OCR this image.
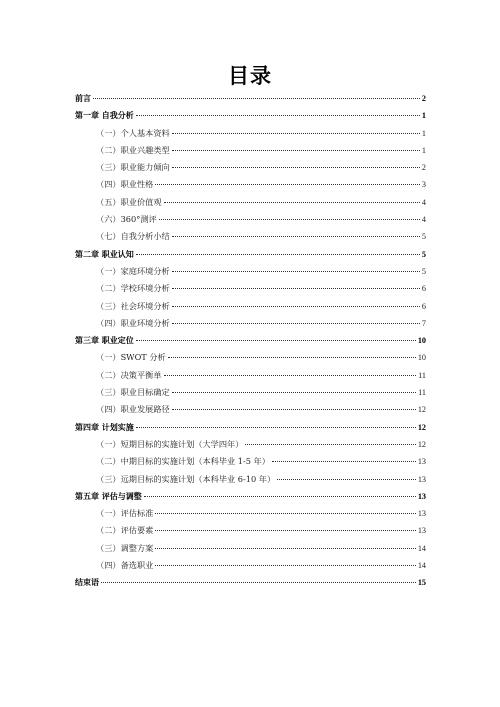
目录
前言	2
第一章 自我分析	1
（一）个人基本资料	1
（二）职业兴趣类型	1
（三）职业能力倾向	2
（四）职业性格	3
（五）职业价值观	4
（六）360°测评	4
（七）自我分析小结	5
第二章 职业认知	5
（一）家庭环境分析	5
（二）学校环境分析	6
（三）社会环境分析	6
（四）职业环境分析	7
第三章 职业定位	10
（一）SWOT 分析	10
（二）决策平衡单	11
（三）职业目标确定	11
（四）职业发展路径	12
第四章 计划实施	12
（一）短期目标的实施计划（大学四年）	12
（二）中期目标的实施计划（本科毕业 1-5 年）	13
（三）远期目标的实施计划（本科毕业 6-10 年）	13
第五章 评估与调整	13
（一）评估标准	13
（二）评估要素	13
（三）调整方案	14
（四）备选职业	14
结束语	15
